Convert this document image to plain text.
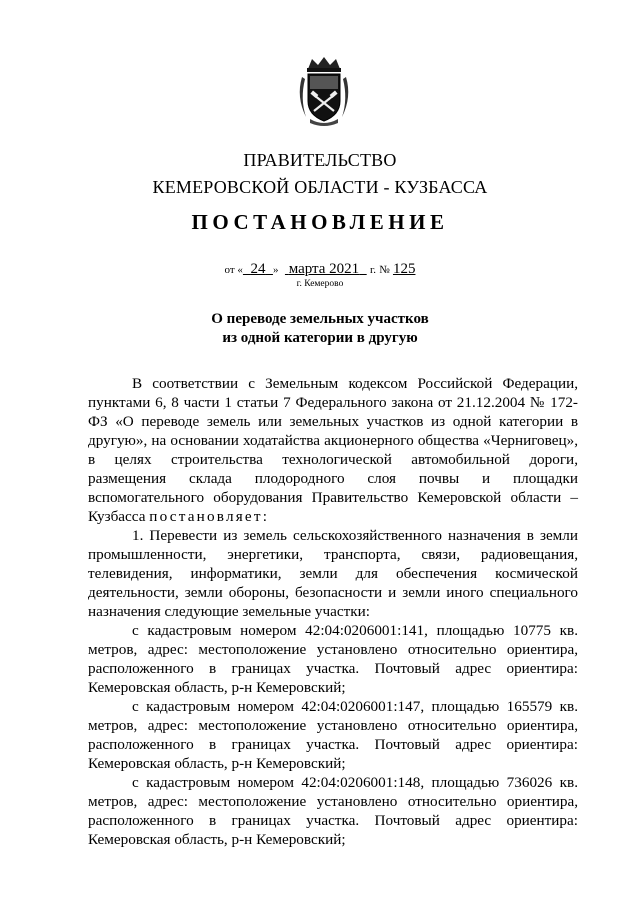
ПРАВИТЕЛЬСТВО
КЕМЕРОВСКОЙ ОБЛАСТИ - КУЗБАССА
ПОСТАНОВЛЕНИЕ
от « 24 » марта 2021 г. № 125
г. Кемерово
О переводе земельных участков
из одной категории в другую

В соответствии с Земельным кодексом Российской Федерации, пунктами 6, 8 части 1 статьи 7 Федерального закона от 21.12.2004 № 172-ФЗ «О переводе земель или земельных участков из одной категории в другую», на основании ходатайства акционерного общества «Черниговец», в целях строительства технологической автомобильной дороги, размещения склада плодородного слоя почвы и площадки вспомогательного оборудования Правительство Кемеровской области – Кузбасса постановляет:

1. Перевести из земель сельскохозяйственного назначения в земли промышленности, энергетики, транспорта, связи, радиовещания, телевидения, информатики, земли для обеспечения космической деятельности, земли обороны, безопасности и земли иного специального назначения следующие земельные участки:

с кадастровым номером 42:04:0206001:141, площадью 10775 кв. метров, адрес: местоположение установлено относительно ориентира, расположенного в границах участка. Почтовый адрес ориентира: Кемеровская область, р-н Кемеровский;

с кадастровым номером 42:04:0206001:147, площадью 165579 кв. метров, адрес: местоположение установлено относительно ориентира, расположенного в границах участка. Почтовый адрес ориентира: Кемеровская область, р-н Кемеровский;

с кадастровым номером 42:04:0206001:148, площадью 736026 кв. метров, адрес: местоположение установлено относительно ориентира, расположенного в границах участка. Почтовый адрес ориентира: Кемеровская область, р-н Кемеровский;
